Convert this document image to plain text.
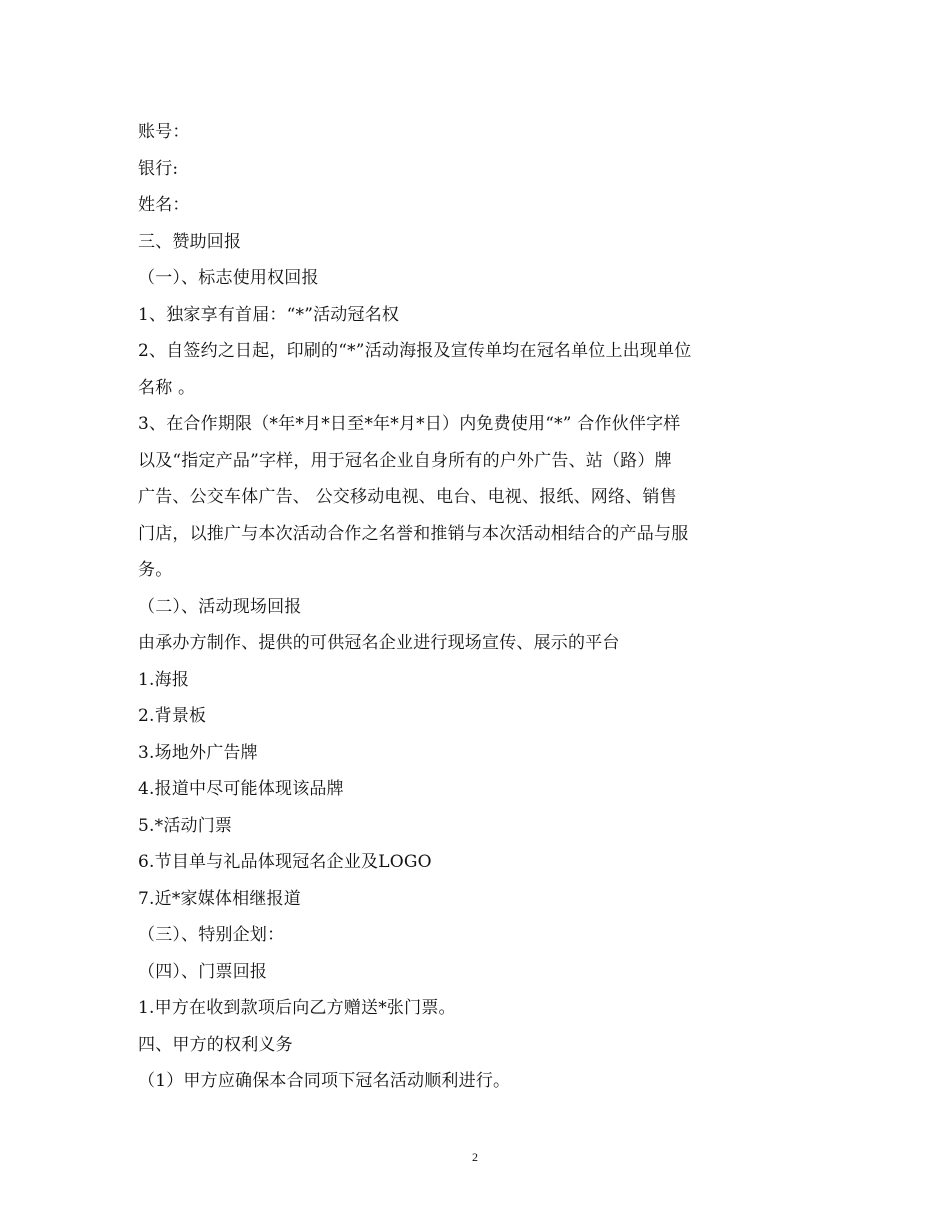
账号：
银行:
姓名：
三、赞助回报
（一）、标志使用权回报
1、独家享有首届：“*”活动冠名权
2、自签约之日起，印刷的“*”活动海报及宣传单均在冠名单位上出现单位
名称 。
3、在合作期限（*年*月*日至*年*月*日）内免费使用“*” 合作伙伴字样
以及“指定产品”字样，用于冠名企业自身所有的户外广告、站（路）牌
广告、公交车体广告、 公交移动电视、电台、电视、报纸、网络、销售
门店，以推广与本次活动合作之名誉和推销与本次活动相结合的产品与服
务。
（二）、活动现场回报
由承办方制作、提供的可供冠名企业进行现场宣传、展示的平台
1.海报
2.背景板
3.场地外广告牌
4.报道中尽可能体现该品牌
5.*活动门票
6.节目单与礼品体现冠名企业及LOGO
7.近*家媒体相继报道
（三）、特别企划：
（四）、门票回报
1.甲方在收到款项后向乙方赠送*张门票。
四、甲方的权利义务
（1）甲方应确保本合同项下冠名活动顺利进行。
2
